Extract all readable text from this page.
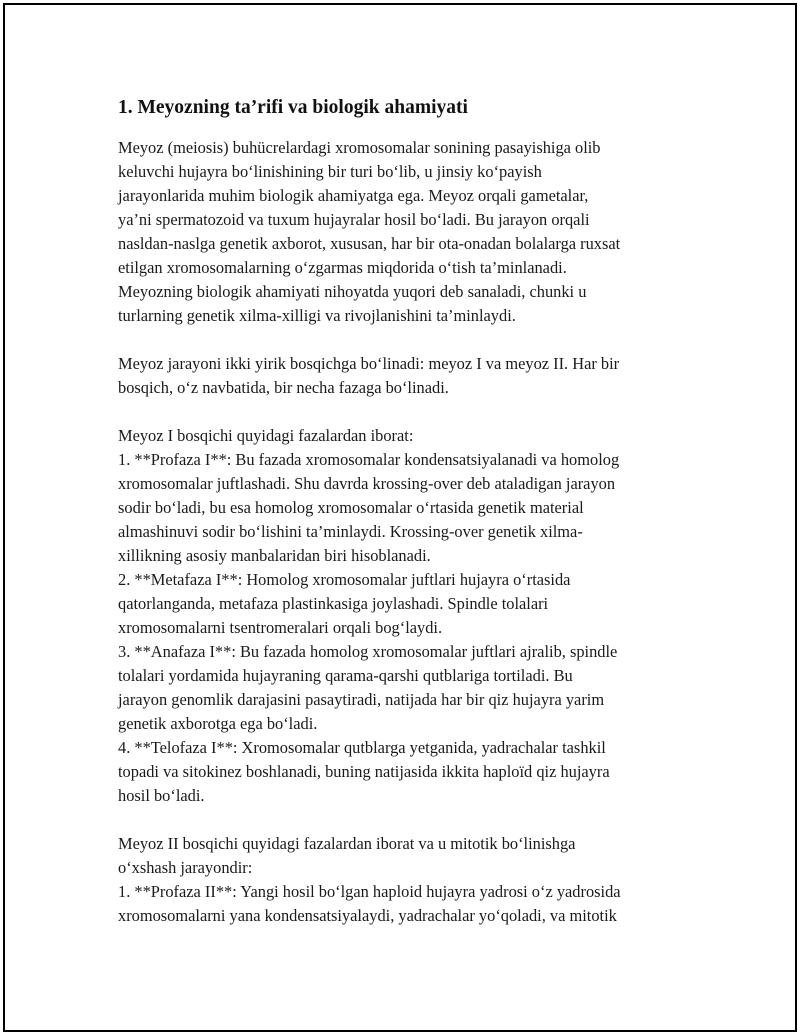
1. Meyozning ta’rifi va biologik ahamiyati

Meyoz (meiosis) buhücrelardagi xromosomalar sonining pasayishiga olib

keluvchi hujayra boʻlinishining bir turi boʻlib, u jinsiy koʻpayish

jarayonlarida muhim biologik ahamiyatga ega. Meyoz orqali gametalar,

ya’ni spermatozoid va tuxum hujayralar hosil boʻladi. Bu jarayon orqali

nasldan-naslga genetik axborot, xususan, har bir ota-onadan bolalarga ruxsat

etilgan xromosomalarning oʻzgarmas miqdorida oʻtish ta’minlanadi.

Meyozning biologik ahamiyati nihoyatda yuqori deb sanaladi, chunki u

turlarning genetik xilma-xilligi va rivojlanishini ta’minlaydi.

Meyoz jarayoni ikki yirik bosqichga boʻlinadi: meyoz I va meyoz II. Har bir

bosqich, oʻz navbatida, bir necha fazaga boʻlinadi.

Meyoz I bosqichi quyidagi fazalardan iborat:

1. **Profaza I**: Bu fazada xromosomalar kondensatsiyalanadi va homolog

xromosomalar juftlashadi. Shu davrda krossing-over deb ataladigan jarayon

sodir boʻladi, bu esa homolog xromosomalar oʻrtasida genetik material

almashinuvi sodir boʻlishini ta’minlaydi. Krossing-over genetik xilma-

xillikning asosiy manbalaridan biri hisoblanadi.

2. **Metafaza I**: Homolog xromosomalar juftlari hujayra oʻrtasida

qatorlanganda, metafaza plastinkasiga joylashadi. Spindle tolalari

xromosomalarni tsentromeralari orqali bogʻlaydi.

3. **Anafaza I**: Bu fazada homolog xromosomalar juftlari ajralib, spindle

tolalari yordamida hujayraning qarama-qarshi qutblariga tortiladi. Bu

jarayon genomlik darajasini pasaytiradi, natijada har bir qiz hujayra yarim

genetik axborotga ega boʻladi.

4. **Telofaza I**: Xromosomalar qutblarga yetganida, yadrachalar tashkil

topadi va sitokinez boshlanadi, buning natijasida ikkita haploïd qiz hujayra

hosil boʻladi.

Meyoz II bosqichi quyidagi fazalardan iborat va u mitotik boʻlinishga

oʻxshash jarayondir:

1. **Profaza II**: Yangi hosil boʻlgan haploid hujayra yadrosi oʻz yadrosida

xromosomalarni yana kondensatsiyalaydi, yadrachalar yoʻqoladi, va mitotik
